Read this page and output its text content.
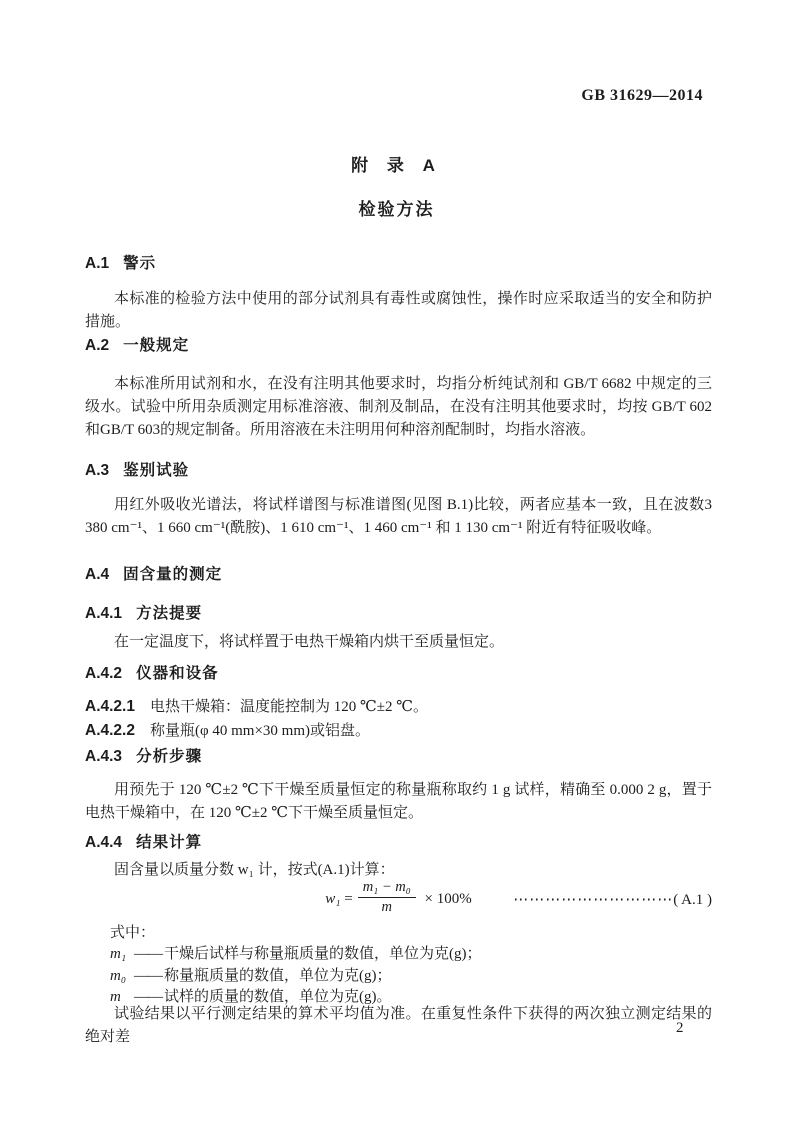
GB 31629—2014
附 录 A
检验方法
A.1 警示
本标准的检验方法中使用的部分试剂具有毒性或腐蚀性，操作时应采取适当的安全和防护措施。
A.2 一般规定
本标准所用试剂和水，在没有注明其他要求时，均指分析纯试剂和 GB/T 6682 中规定的三级水。试验中所用杂质测定用标准溶液、制剂及制品，在没有注明其他要求时，均按 GB/T 602 和GB/T 603的规定制备。所用溶液在未注明用何种溶剂配制时，均指水溶液。
A.3 鉴别试验
用红外吸收光谱法，将试样谱图与标准谱图(见图 B.1)比较，两者应基本一致，且在波数3 380 cm⁻¹、1 660 cm⁻¹(酰胺)、1 610 cm⁻¹、1 460 cm⁻¹ 和 1 130 cm⁻¹ 附近有特征吸收峰。
A.4 固含量的测定
A.4.1 方法提要
在一定温度下，将试样置于电热干燥箱内烘干至质量恒定。
A.4.2 仪器和设备
A.4.2.1 电热干燥箱：温度能控制为 120 ℃±2 ℃。
A.4.2.2 称量瓶(φ 40 mm×30 mm)或铝盘。
A.4.3 分析步骤
用预先于 120 ℃±2 ℃下干燥至质量恒定的称量瓶称取约 1 g 试样，精确至 0.000 2 g，置于电热干燥箱中，在 120 ℃±2 ℃下干燥至质量恒定。
A.4.4 结果计算
固含量以质量分数 w₁ 计，按式(A.1)计算：
$w_1 = \frac{\text{m₁ − m₀}}{m} \times 100\%$	⋯⋯⋯⋯⋯⋯⋯⋯⋯⋯( A.1 )
式中：
m₁ —— 干燥后试样与称量瓶质量的数值，单位为克(g)；
m₀ —— 称量瓶质量的数值，单位为克(g)；
m —— 试样的质量的数值，单位为克(g)。
试验结果以平行测定结果的算术平均值为准。在重复性条件下获得的两次独立测定结果的绝对差
2
